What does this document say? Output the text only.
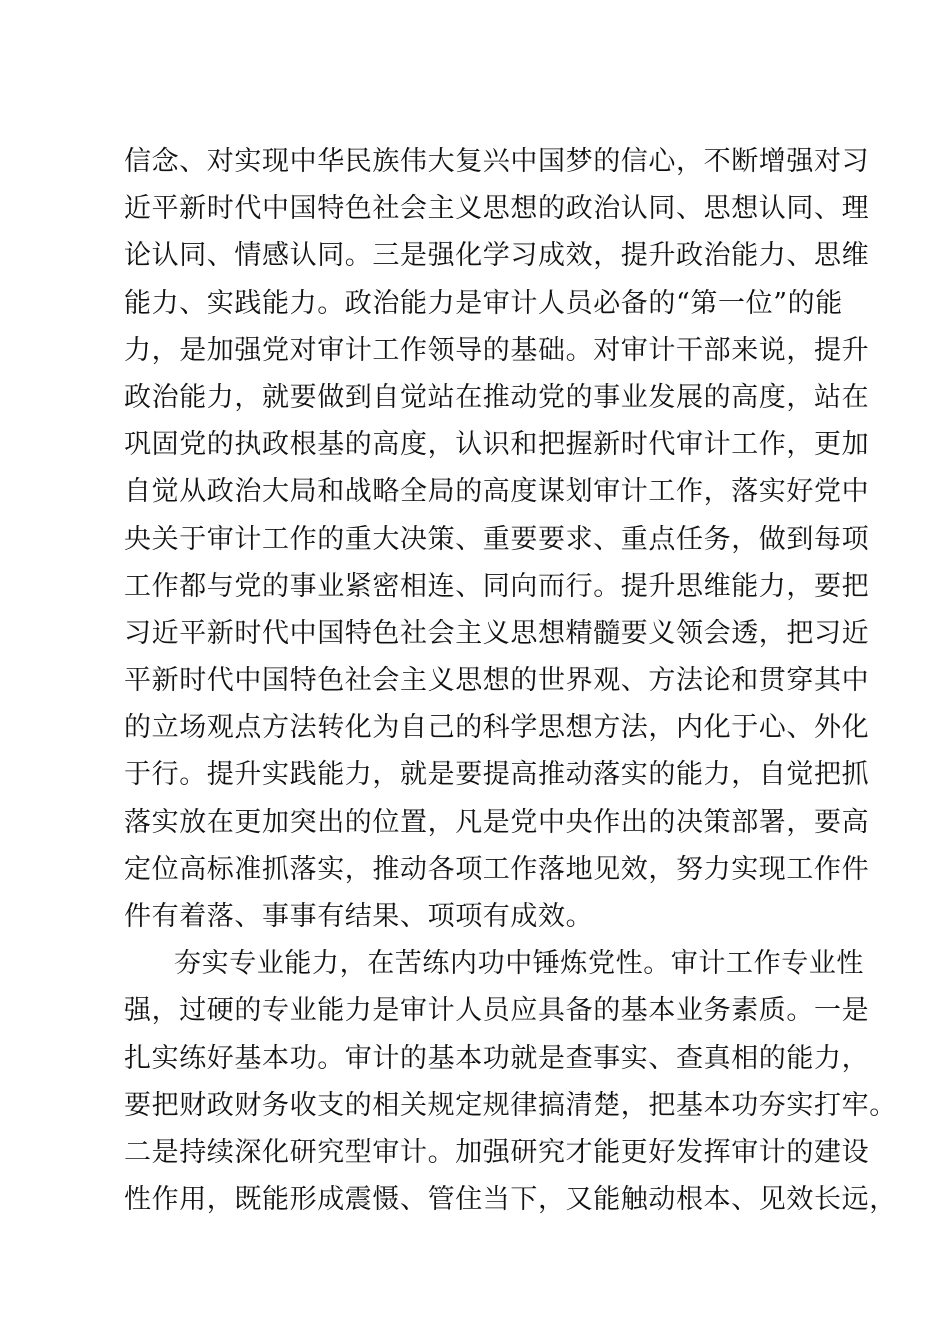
信念、对实现中华民族伟大复兴中国梦的信心，不断增强对习
近平新时代中国特色社会主义思想的政治认同、思想认同、理
论认同、情感认同。三是强化学习成效，提升政治能力、思维
能力、实践能力。政治能力是审计人员必备的“第一位”的能
力，是加强党对审计工作领导的基础。对审计干部来说，提升
政治能力，就要做到自觉站在推动党的事业发展的高度，站在
巩固党的执政根基的高度，认识和把握新时代审计工作，更加
自觉从政治大局和战略全局的高度谋划审计工作，落实好党中
央关于审计工作的重大决策、重要要求、重点任务，做到每项
工作都与党的事业紧密相连、同向而行。提升思维能力，要把
习近平新时代中国特色社会主义思想精髓要义领会透，把习近
平新时代中国特色社会主义思想的世界观、方法论和贯穿其中
的立场观点方法转化为自己的科学思想方法，内化于心、外化
于行。提升实践能力，就是要提高推动落实的能力，自觉把抓
落实放在更加突出的位置，凡是党中央作出的决策部署，要高
定位高标准抓落实，推动各项工作落地见效，努力实现工作件
件有着落、事事有结果、项项有成效。
夯实专业能力，在苦练内功中锤炼党性。审计工作专业性
强，过硬的专业能力是审计人员应具备的基本业务素质。一是
扎实练好基本功。审计的基本功就是查事实、查真相的能力，
要把财政财务收支的相关规定规律搞清楚，把基本功夯实打牢。
二是持续深化研究型审计。加强研究才能更好发挥审计的建设
性作用，既能形成震慑、管住当下，又能触动根本、见效长远，
